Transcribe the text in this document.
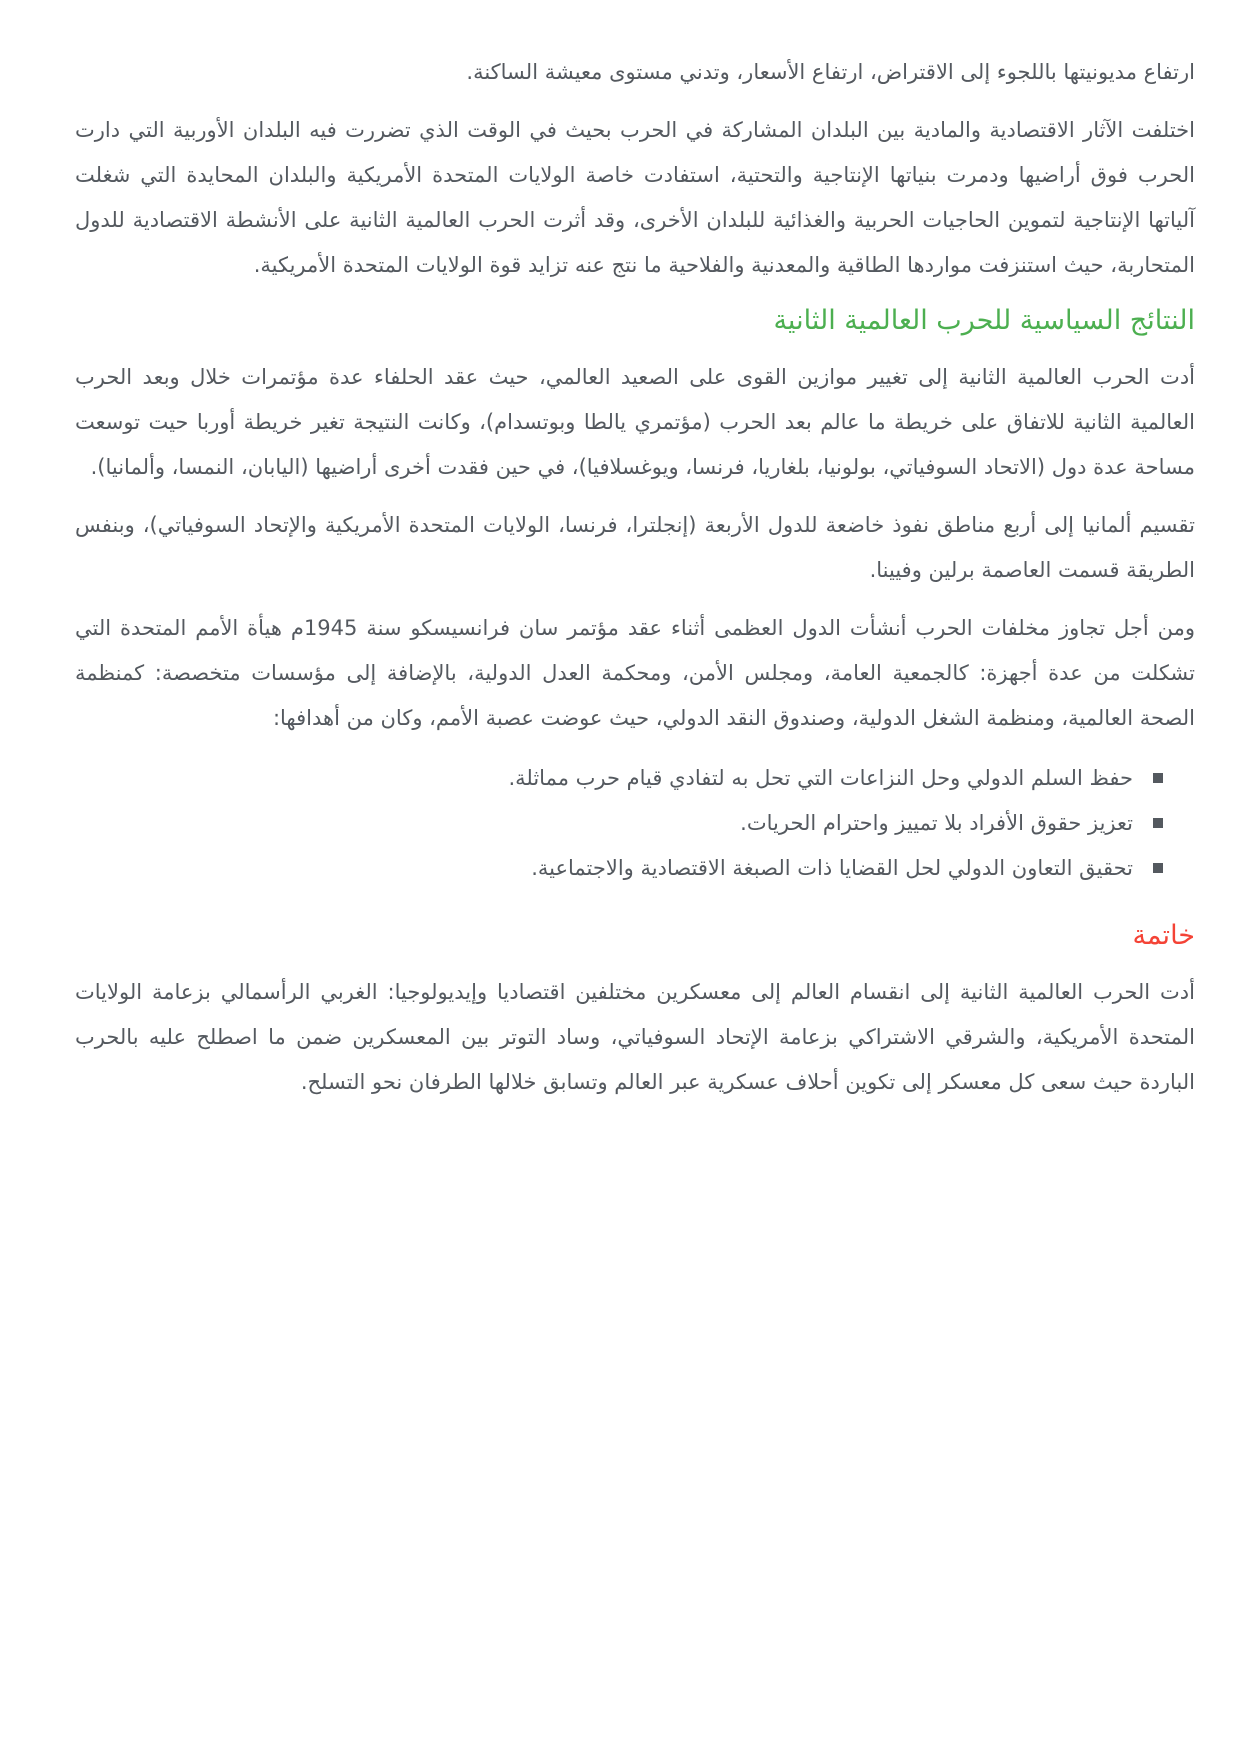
ارتفاع مديونيتها باللجوء إلى الاقتراض، ارتفاع الأسعار، وتدني مستوى معيشة الساكنة.

اختلفت الآثار الاقتصادية والمادية بين البلدان المشاركة في الحرب بحيث في الوقت الذي تضررت فيه البلدان الأوربية التي دارت الحرب فوق أراضيها ودمرت بنياتها الإنتاجية والتحتية، استفادت خاصة الولايات المتحدة الأمريكية والبلدان المحايدة التي شغلت آلياتها الإنتاجية لتموين الحاجيات الحربية والغذائية للبلدان الأخرى، وقد أثرت الحرب العالمية الثانية على الأنشطة الاقتصادية للدول المتحاربة، حيث استنزفت مواردها الطاقية والمعدنية والفلاحية ما نتج عنه تزايد قوة الولايات المتحدة الأمريكية.

النتائج السياسية للحرب العالمية الثانية

أدت الحرب العالمية الثانية إلى تغيير موازين القوى على الصعيد العالمي، حيث عقد الحلفاء عدة مؤتمرات خلال وبعد الحرب العالمية الثانية للاتفاق على خريطة ما عالم بعد الحرب (مؤتمري يالطا وبوتسدام)، وكانت النتيجة تغير خريطة أوربا حيت توسعت مساحة عدة دول (الاتحاد السوفياتي، بولونيا، بلغاريا، فرنسا، ويوغسلافيا)، في حين فقدت أخرى أراضيها (اليابان، النمسا، وألمانيا).

تقسيم ألمانيا إلى أربع مناطق نفوذ خاضعة للدول الأربعة (إنجلترا، فرنسا، الولايات المتحدة الأمريكية والإتحاد السوفياتي)، وبنفس الطريقة قسمت العاصمة برلين وفيينا.

ومن أجل تجاوز مخلفات الحرب أنشأت الدول العظمى أثناء عقد مؤتمر سان فرانسيسكو سنة 1945م هيأة الأمم المتحدة التي تشكلت من عدة أجهزة: كالجمعية العامة، ومجلس الأمن، ومحكمة العدل الدولية، بالإضافة إلى مؤسسات متخصصة: كمنظمة الصحة العالمية، ومنظمة الشغل الدولية، وصندوق النقد الدولي، حيث عوضت عصبة الأمم، وكان من أهدافها:

حفظ السلم الدولي وحل النزاعات التي تحل به لتفادي قيام حرب مماثلة.
تعزيز حقوق الأفراد بلا تمييز واحترام الحريات.
تحقيق التعاون الدولي لحل القضايا ذات الصبغة الاقتصادية والاجتماعية.
خاتمة

أدت الحرب العالمية الثانية إلى انقسام العالم إلى معسكرين مختلفين اقتصاديا وإيديولوجيا: الغربي الرأسمالي بزعامة الولايات المتحدة الأمريكية، والشرقي الاشتراكي بزعامة الإتحاد السوفياتي، وساد التوتر بين المعسكرين ضمن ما اصطلح عليه بالحرب الباردة حيث سعى كل معسكر إلى تكوين أحلاف عسكرية عبر العالم وتسابق خلالها الطرفان نحو التسلح.
